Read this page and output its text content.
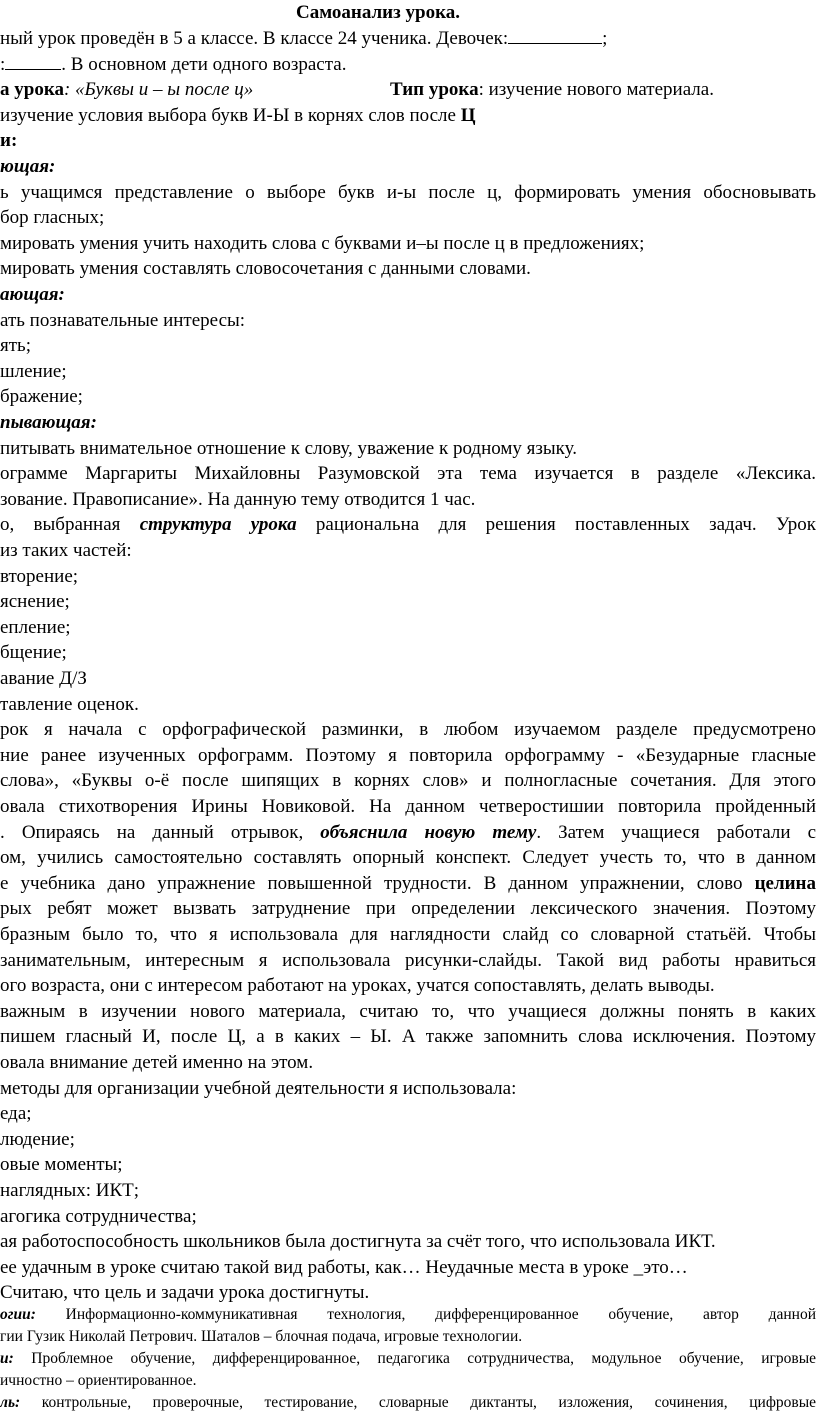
Самоанализ урока.
ный урок проведён в 5 а классе. В классе 24 ученика. Девочек:	;
:	. В основном дети одного возраста.
а урока: «Буквы и – ы после ц»	Тип урока: изучение нового материала.
изучение условия выбора букв И-Ы в корнях слов после Ц
и:
ющая:
ь учащимся представление о выборе букв и-ы после ц, формировать умения обосновывать
бор гласных;
мировать умения учить находить слова с буквами и–ы после ц в предложениях;
мировать умения составлять словосочетания с данными словами.
ающая:
ать познавательные интересы:
ять;
шление;
бражение;
пывающая:
питывать внимательное отношение к слову, уважение к родному языку.
ограмме Маргариты Михайловны Разумовской эта тема изучается в разделе «Лексика.
зование. Правописание». На данную тему отводится 1 час.
о, выбранная структура урока рациональна для решения поставленных задач. Урок
из таких частей:
вторение;
яснение;
епление;
бщение;
авание Д/З
тавление оценок.
рок я начала с орфографической разминки, в любом изучаемом разделе предусмотрено
ние ранее изученных орфограмм. Поэтому я повторила орфограмму - «Безударные гласные
слова», «Буквы о-ё после шипящих в корнях слов» и полногласные сочетания. Для этого
овала стихотворения Ирины Новиковой. На данном четверостишии повторила пройденный
. Опираясь на данный отрывок, объяснила новую тему. Затем учащиеся работали с
ом, учились самостоятельно составлять опорный конспект. Следует учесть то, что в данном
е учебника дано упражнение повышенной трудности. В данном упражнении, слово целина
рых ребят может вызвать затруднение при определении лексического значения. Поэтому
бразным было то, что я использовала для наглядности слайд со словарной статьёй. Чтобы
занимательным, интересным я использовала рисунки-слайды. Такой вид работы нравиться
ого возраста, они с интересом работают на уроках, учатся сопоставлять, делать выводы.
важным в изучении нового материала, считаю то, что учащиеся должны понять в каких
пишем гласный И, после Ц, а в каких – Ы. А также запомнить слова исключения. Поэтому
овала внимание детей именно на этом.
методы для организации учебной деятельности я использовала:
еда;
людение;
овые моменты;
наглядных: ИКТ;
агогика сотрудничества;
ая работоспособность школьников была достигнута за счёт того, что использовала ИКТ.
ее удачным в уроке считаю такой вид работы, как… Неудачные места в уроке _это…
Считаю, что цель и задачи урока достигнуты.
огии: Информационно-коммуникативная технология, дифференцированное обучение, автор данной
гии Гузик Николай Петрович. Шаталов – блочная подача, игровые технологии.
и: Проблемное обучение, дифференцированное, педагогика сотрудничества, модульное обучение, игровые
ичностно – ориентированное.
ль: контрольные, проверочные, тестирование, словарные диктанты, изложения, сочинения, цифровые
